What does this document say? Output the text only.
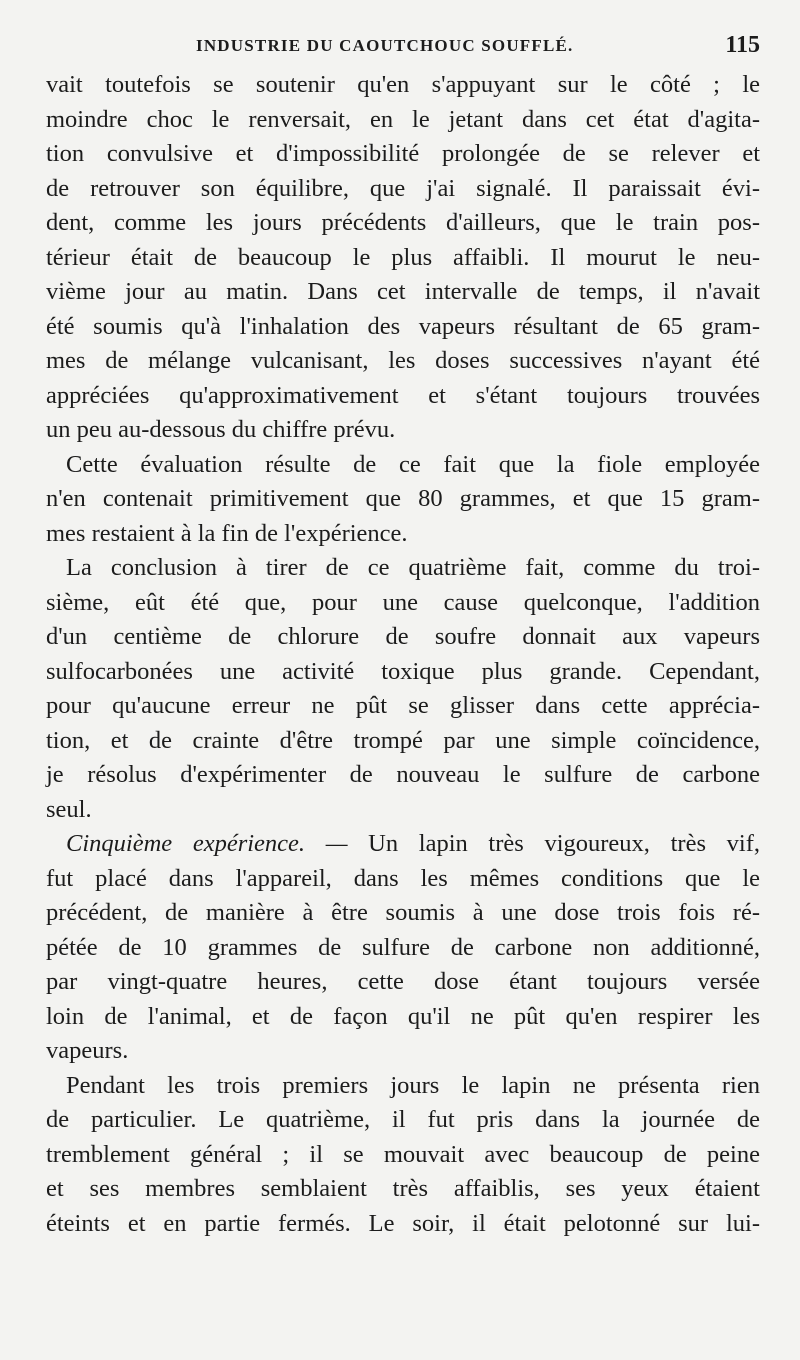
INDUSTRIE DU CAOUTCHOUC SOUFFLÉ.	115
vait toutefois se soutenir qu'en s'appuyant sur le côté ; le
moindre choc le renversait, en le jetant dans cet état d'agita-
tion convulsive et d'impossibilité prolongée de se relever et
de retrouver son équilibre, que j'ai signalé. Il paraissait évi-
dent, comme les jours précédents d'ailleurs, que le train pos-
térieur était de beaucoup le plus affaibli. Il mourut le neu-
vième jour au matin. Dans cet intervalle de temps, il n'avait
été soumis qu'à l'inhalation des vapeurs résultant de 65 gram-
mes de mélange vulcanisant, les doses successives n'ayant été
appréciées qu'approximativement et s'étant toujours trouvées
un peu au-dessous du chiffre prévu.
Cette évaluation résulte de ce fait que la fiole employée
n'en contenait primitivement que 80 grammes, et que 15 gram-
mes restaient à la fin de l'expérience.
La conclusion à tirer de ce quatrième fait, comme du troi-
sième, eût été que, pour une cause quelconque, l'addition
d'un centième de chlorure de soufre donnait aux vapeurs
sulfocarbonées une activité toxique plus grande. Cependant,
pour qu'aucune erreur ne pût se glisser dans cette apprécia-
tion, et de crainte d'être trompé par une simple coïncidence,
je résolus d'expérimenter de nouveau le sulfure de carbone
seul.
Cinquième expérience. — Un lapin très vigoureux, très vif,
fut placé dans l'appareil, dans les mêmes conditions que le
précédent, de manière à être soumis à une dose trois fois ré-
pétée de 10 grammes de sulfure de carbone non additionné,
par vingt-quatre heures, cette dose étant toujours versée
loin de l'animal, et de façon qu'il ne pût qu'en respirer les
vapeurs.
Pendant les trois premiers jours le lapin ne présenta rien
de particulier. Le quatrième, il fut pris dans la journée de
tremblement général ; il se mouvait avec beaucoup de peine
et ses membres semblaient très affaiblis, ses yeux étaient
éteints et en partie fermés. Le soir, il était pelotonné sur lui-
